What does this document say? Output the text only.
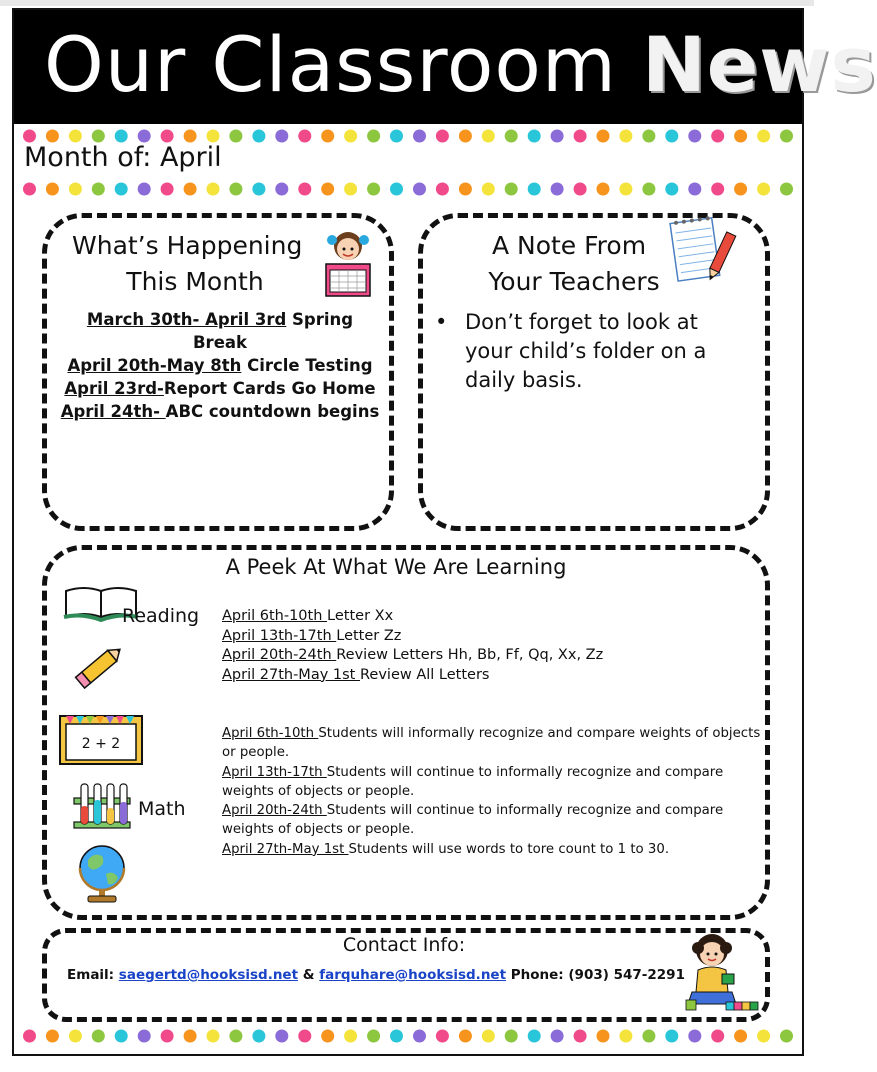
Our Classroom News
Month of: April
What’s Happening
This Month
March 30th- April 3rd Spring Break
April 20th-May 8th Circle Testing
April 23rd-Report Cards Go Home
April 24th- ABC countdown begins
A Note From
Your Teachers
• Don’t forget to look at your child’s folder on a daily basis.
A Peek At What We Are Learning
Reading April 6th-10th Letter Xx
April 13th-17th Letter Zz
April 20th-24th Review Letters Hh, Bb, Ff, Qq, Xx, Zz
April 27th-May 1st Review All Letters
2 + 2
Math
April 6th-10th Students will informally recognize and compare weights of objects or people.
April 13th-17th Students will continue to informally recognize and compare weights of objects or people.
April 20th-24th Students will continue to informally recognize and compare weights of objects or people.
April 27th-May 1st Students will use words to tore count to 1 to 30.
Contact Info:
Email: saegertd@hooksisd.net & farquhare@hooksisd.net Phone: (903) 547-2291
